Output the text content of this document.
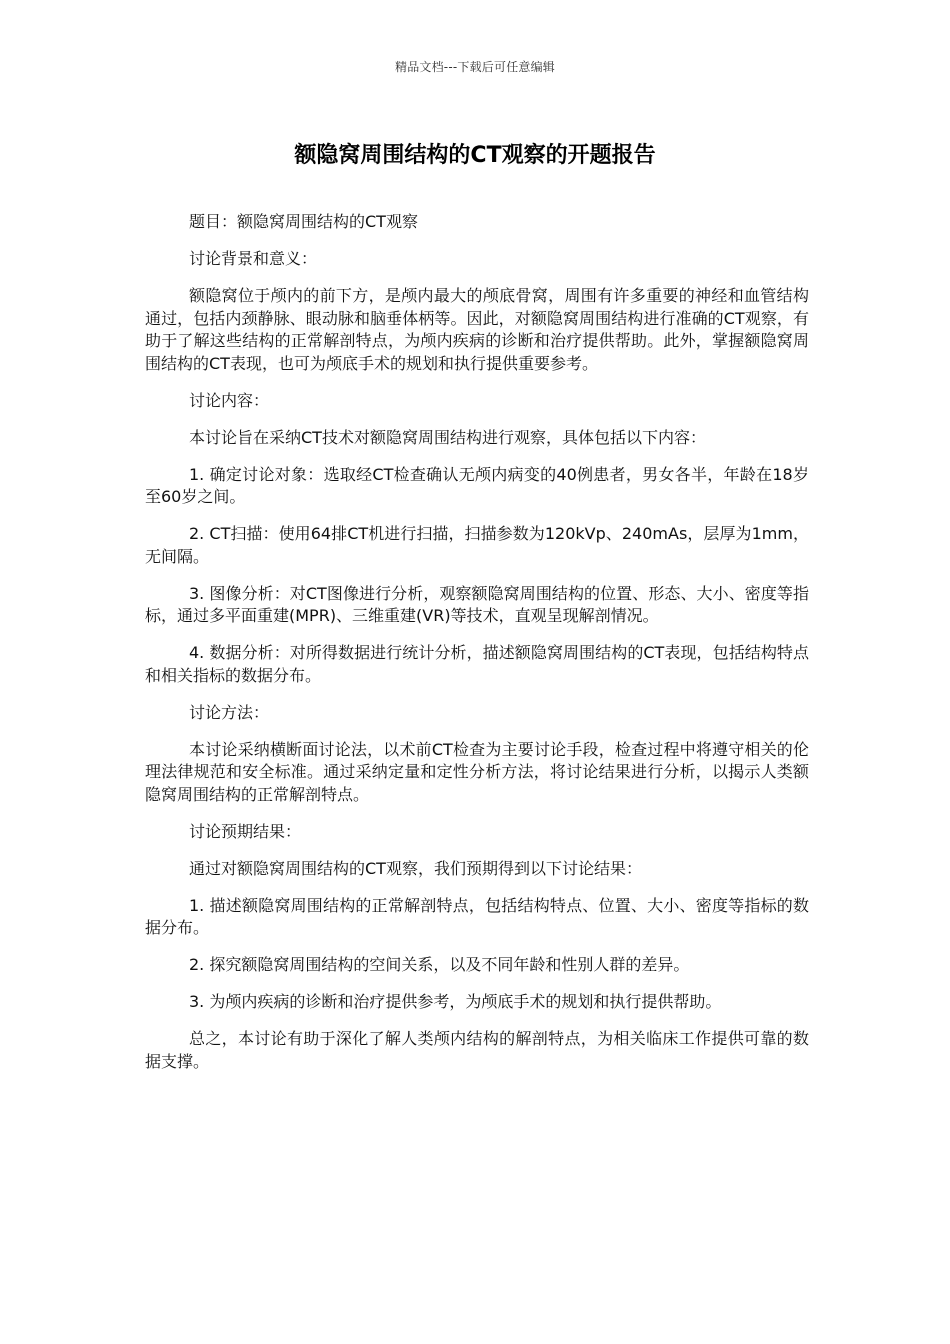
精品文档---下载后可任意编辑
额隐窝周围结构的CT观察的开题报告

题目：额隐窝周围结构的CT观察

讨论背景和意义：

额隐窝位于颅内的前下方，是颅内最大的颅底骨窝，周围有许多重要的神经和血管结构通过，包括内颈静脉、眼动脉和脑垂体柄等。因此，对额隐窝周围结构进行准确的CT观察，有助于了解这些结构的正常解剖特点，为颅内疾病的诊断和治疗提供帮助。此外，掌握额隐窝周围结构的CT表现，也可为颅底手术的规划和执行提供重要参考。

讨论内容：

本讨论旨在采纳CT技术对额隐窝周围结构进行观察，具体包括以下内容：

1. 确定讨论对象：选取经CT检查确认无颅内病变的40例患者，男女各半，年龄在18岁至60岁之间。

2. CT扫描：使用64排CT机进行扫描，扫描参数为120kVp、240mAs，层厚为1mm，无间隔。

3. 图像分析：对CT图像进行分析，观察额隐窝周围结构的位置、形态、大小、密度等指标，通过多平面重建(MPR)、三维重建(VR)等技术，直观呈现解剖情况。

4. 数据分析：对所得数据进行统计分析，描述额隐窝周围结构的CT表现，包括结构特点和相关指标的数据分布。

讨论方法：

本讨论采纳横断面讨论法，以术前CT检查为主要讨论手段，检查过程中将遵守相关的伦理法律规范和安全标准。通过采纳定量和定性分析方法，将讨论结果进行分析，以揭示人类额隐窝周围结构的正常解剖特点。

讨论预期结果：

通过对额隐窝周围结构的CT观察，我们预期得到以下讨论结果：

1. 描述额隐窝周围结构的正常解剖特点，包括结构特点、位置、大小、密度等指标的数据分布。

2. 探究额隐窝周围结构的空间关系，以及不同年龄和性别人群的差异。

3. 为颅内疾病的诊断和治疗提供参考，为颅底手术的规划和执行提供帮助。

总之，本讨论有助于深化了解人类颅内结构的解剖特点，为相关临床工作提供可靠的数据支撑。
